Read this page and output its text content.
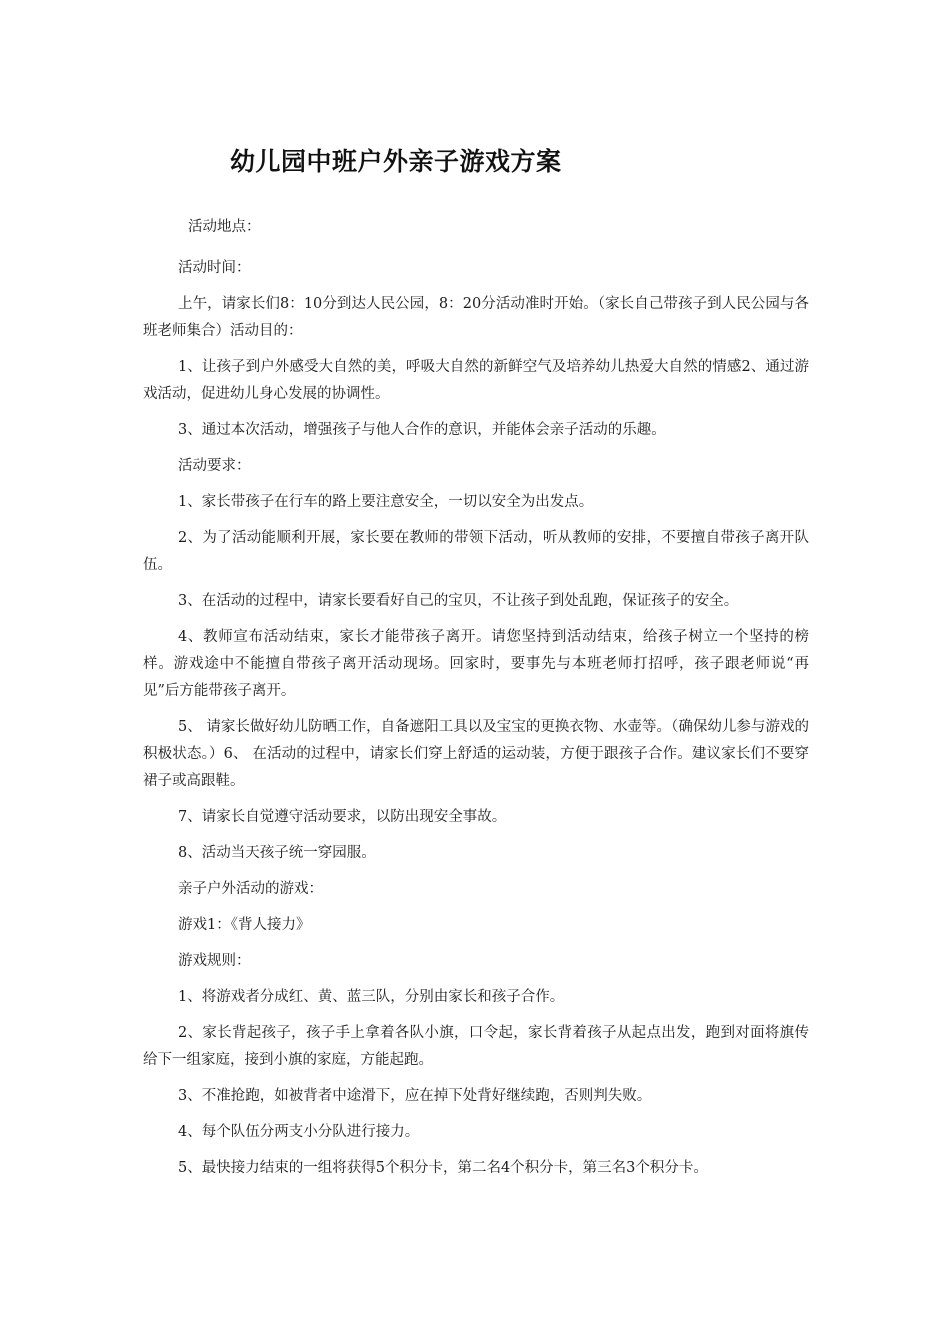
幼儿园中班户外亲子游戏方案

活动地点：

活动时间：

上午，请家长们8：10分到达人民公园，8：20分活动准时开始。（家长自己带孩子到人民公园与各班老师集合）活动目的：

1、让孩子到户外感受大自然的美，呼吸大自然的新鲜空气及培养幼儿热爱大自然的情感2、通过游戏活动，促进幼儿身心发展的协调性。

3、通过本次活动，增强孩子与他人合作的意识，并能体会亲子活动的乐趣。

活动要求：

1、家长带孩子在行车的路上要注意安全，一切以安全为出发点。

2、为了活动能顺利开展，家长要在教师的带领下活动，听从教师的安排，不要擅自带孩子离开队伍。

3、在活动的过程中，请家长要看好自己的宝贝，不让孩子到处乱跑，保证孩子的安全。

4、教师宣布活动结束，家长才能带孩子离开。请您坚持到活动结束，给孩子树立一个坚持的榜样。游戏途中不能擅自带孩子离开活动现场。回家时，要事先与本班老师打招呼，孩子跟老师说“再见”后方能带孩子离开。

5、 请家长做好幼儿防晒工作，自备遮阳工具以及宝宝的更换衣物、水壶等。（确保幼儿参与游戏的积极状态。）6、 在活动的过程中，请家长们穿上舒适的运动装，方便于跟孩子合作。建议家长们不要穿裙子或高跟鞋。

7、请家长自觉遵守活动要求，以防出现安全事故。

8、活动当天孩子统一穿园服。

亲子户外活动的游戏：

游戏1：《背人接力》

游戏规则：

1、将游戏者分成红、黄、蓝三队，分别由家长和孩子合作。

2、家长背起孩子，孩子手上拿着各队小旗，口令起，家长背着孩子从起点出发，跑到对面将旗传给下一组家庭，接到小旗的家庭，方能起跑。

3、不准抢跑，如被背者中途滑下，应在掉下处背好继续跑，否则判失败。

4、每个队伍分两支小分队进行接力。

5、最快接力结束的一组将获得5个积分卡，第二名4个积分卡，第三名3个积分卡。
